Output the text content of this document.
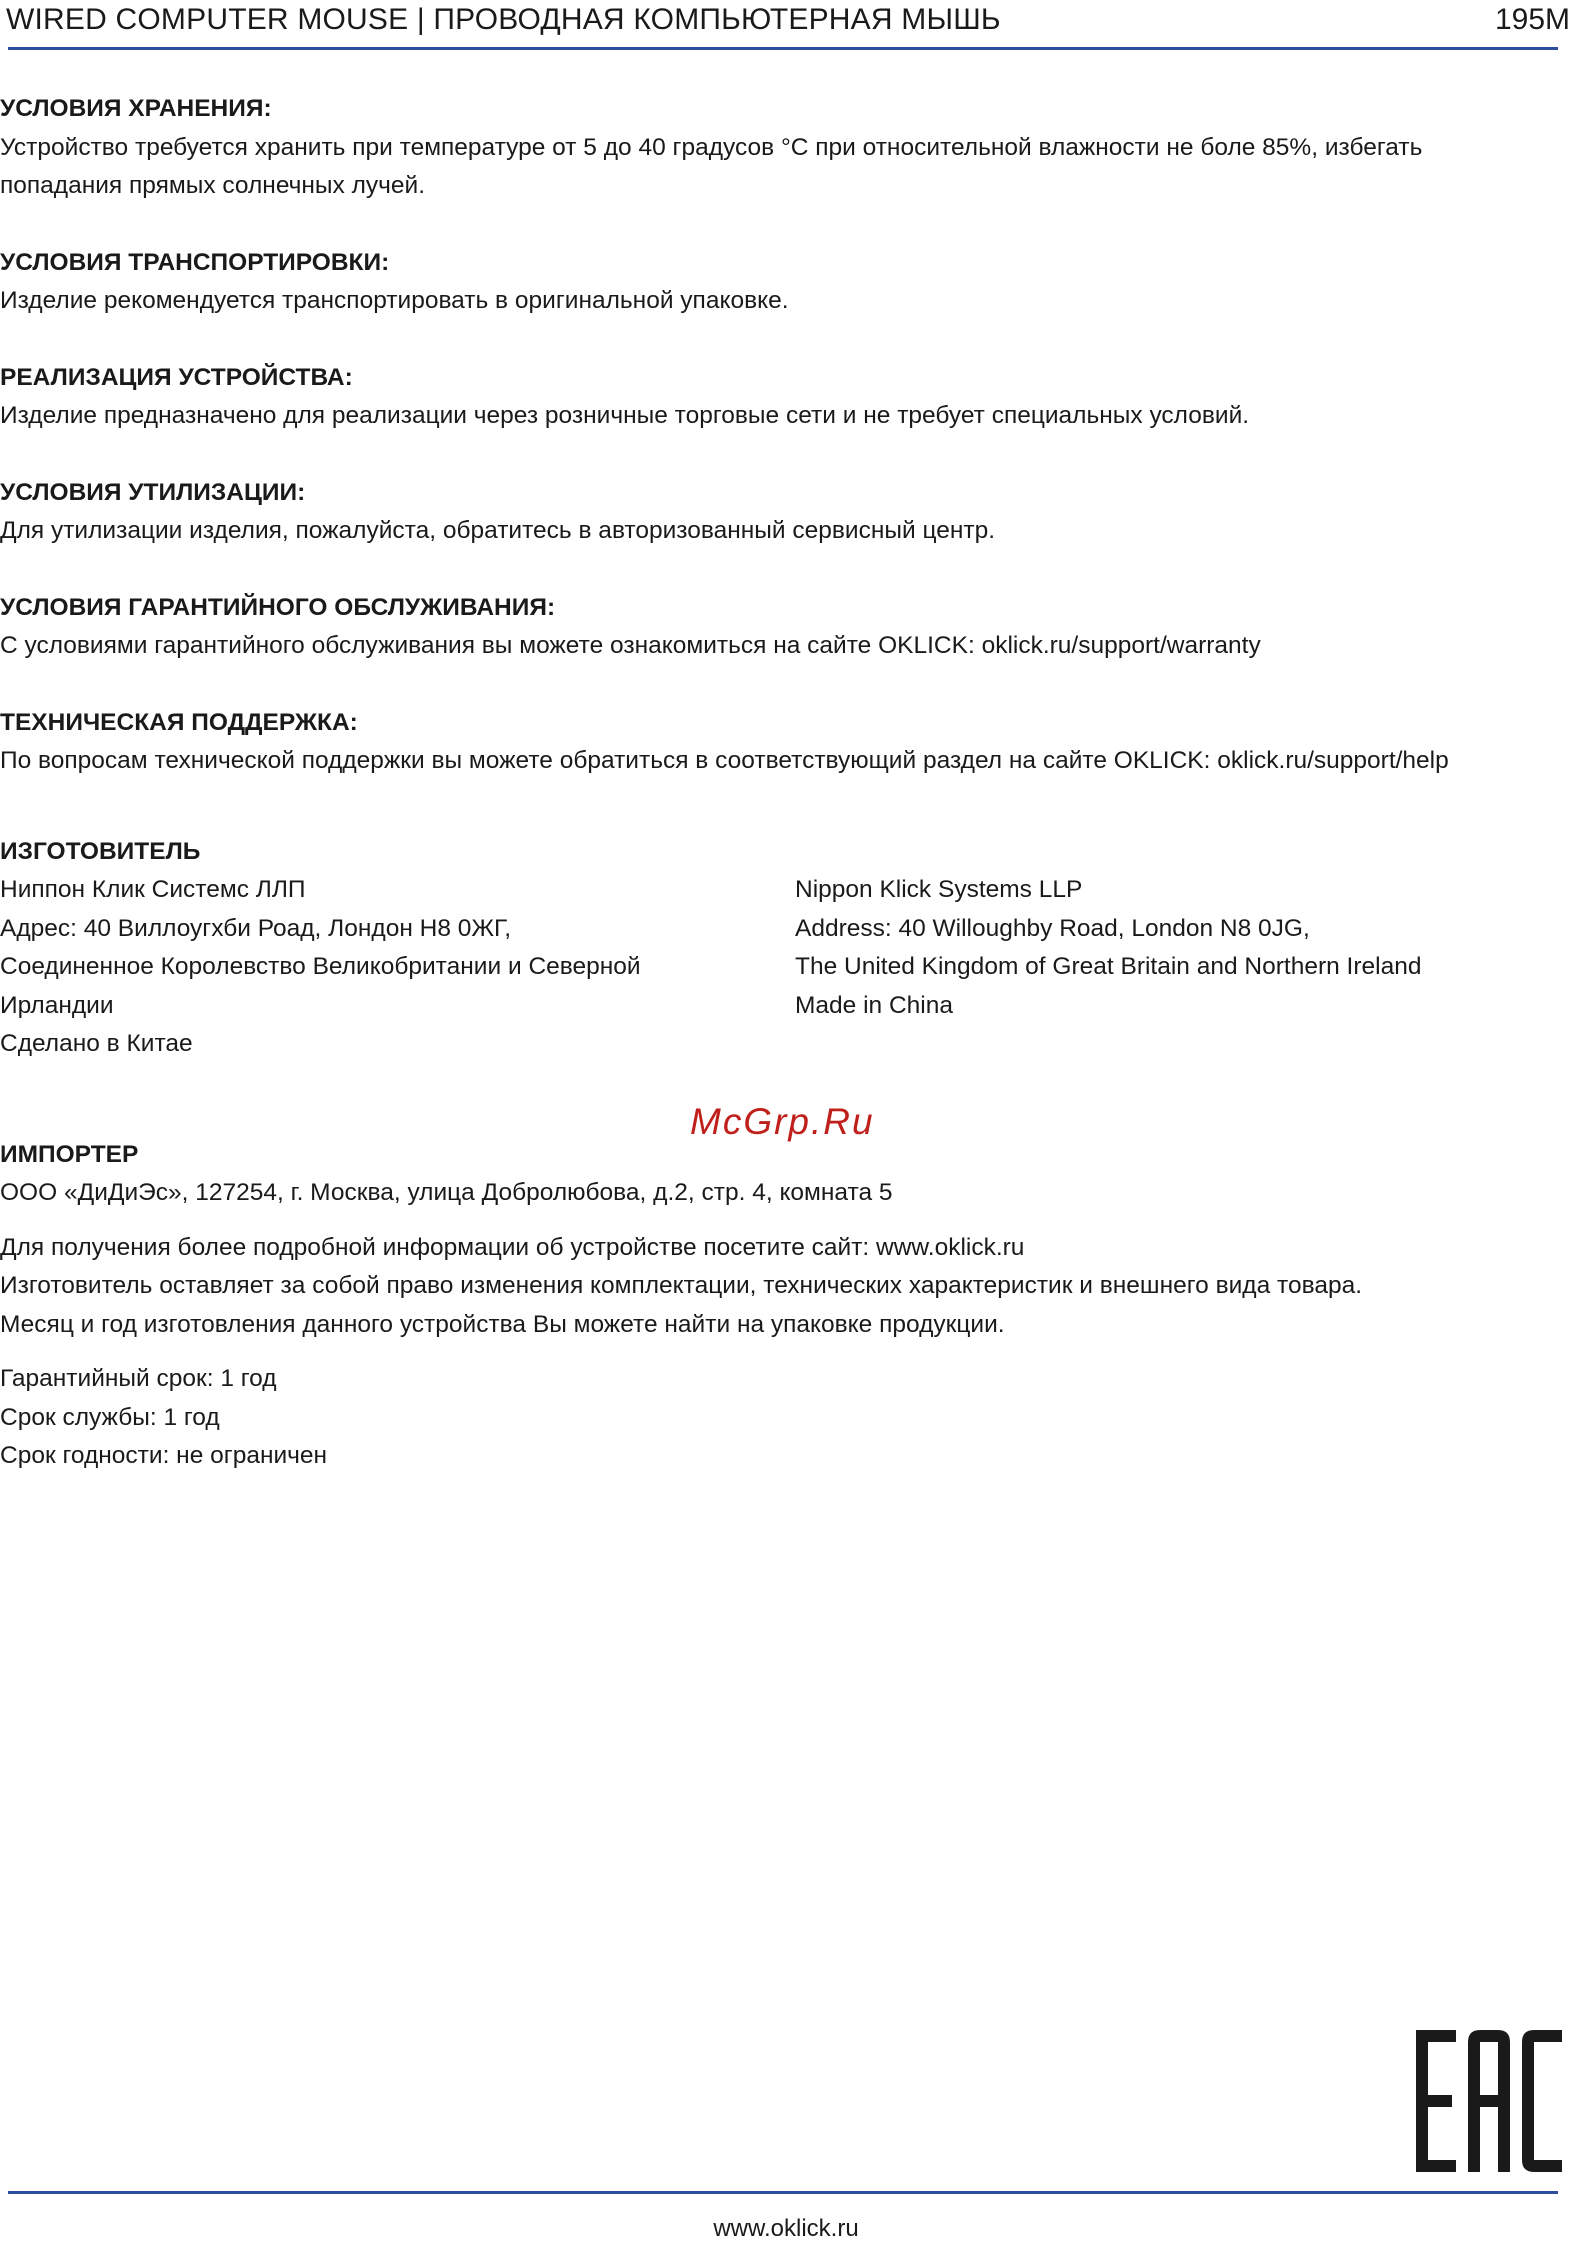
WIRED COMPUTER MOUSE | ПРОВОДНАЯ КОМПЬЮТЕРНАЯ МЫШЬ	195M
УСЛОВИЯ ХРАНЕНИЯ:
Устройство требуется хранить при температуре от 5 до 40 градусов °C при относительной влажности не боле 85%, избегать
попадания прямых солнечных лучей.
УСЛОВИЯ ТРАНСПОРТИРОВКИ:
Изделие рекомендуется транспортировать в оригинальной упаковке.
РЕАЛИЗАЦИЯ УСТРОЙСТВА:
Изделие предназначено для реализации через розничные торговые сети и не требует специальных условий.
УСЛОВИЯ УТИЛИЗАЦИИ:
Для утилизации изделия, пожалуйста, обратитесь в авторизованный сервисный центр.
УСЛОВИЯ ГАРАНТИЙНОГО ОБСЛУЖИВАНИЯ:
С условиями гарантийного обслуживания вы можете ознакомиться на сайте OKLICK: oklick.ru/support/warranty
ТЕХНИЧЕСКАЯ ПОДДЕРЖКА:
По вопросам технической поддержки вы можете обратиться в соответствующий раздел на сайте OKLICK: oklick.ru/support/help
ИЗГОТОВИТЕЛЬ
Ниппон Клик Системс ЛЛП
Адрес: 40 Виллоугхби Роад, Лондон Н8 0ЖГ,
Соединенное Королевство Великобритании и Северной
Ирландии
Сделано в Китае
Nippon Klick Systems LLP
Address: 40 Willoughby Road, London N8 0JG,
The United Kingdom of Great Britain and Northern Ireland
Made in China
ИМПОРТЕР
ООО «ДиДиЭс», 127254, г. Москва, улица Добролюбова, д.2, стр. 4, комната 5
Для получения более подробной информации об устройстве посетите сайт: www.oklick.ru
Изготовитель оставляет за собой право изменения комплектации, технических характеристик и внешнего вида товара.
Месяц и год изготовления данного устройства Вы можете найти на упаковке продукции.
Гарантийный срок: 1 год
Срок службы: 1 год
Срок годности: не ограничен
McGrp.Ru
www.oklick.ru
